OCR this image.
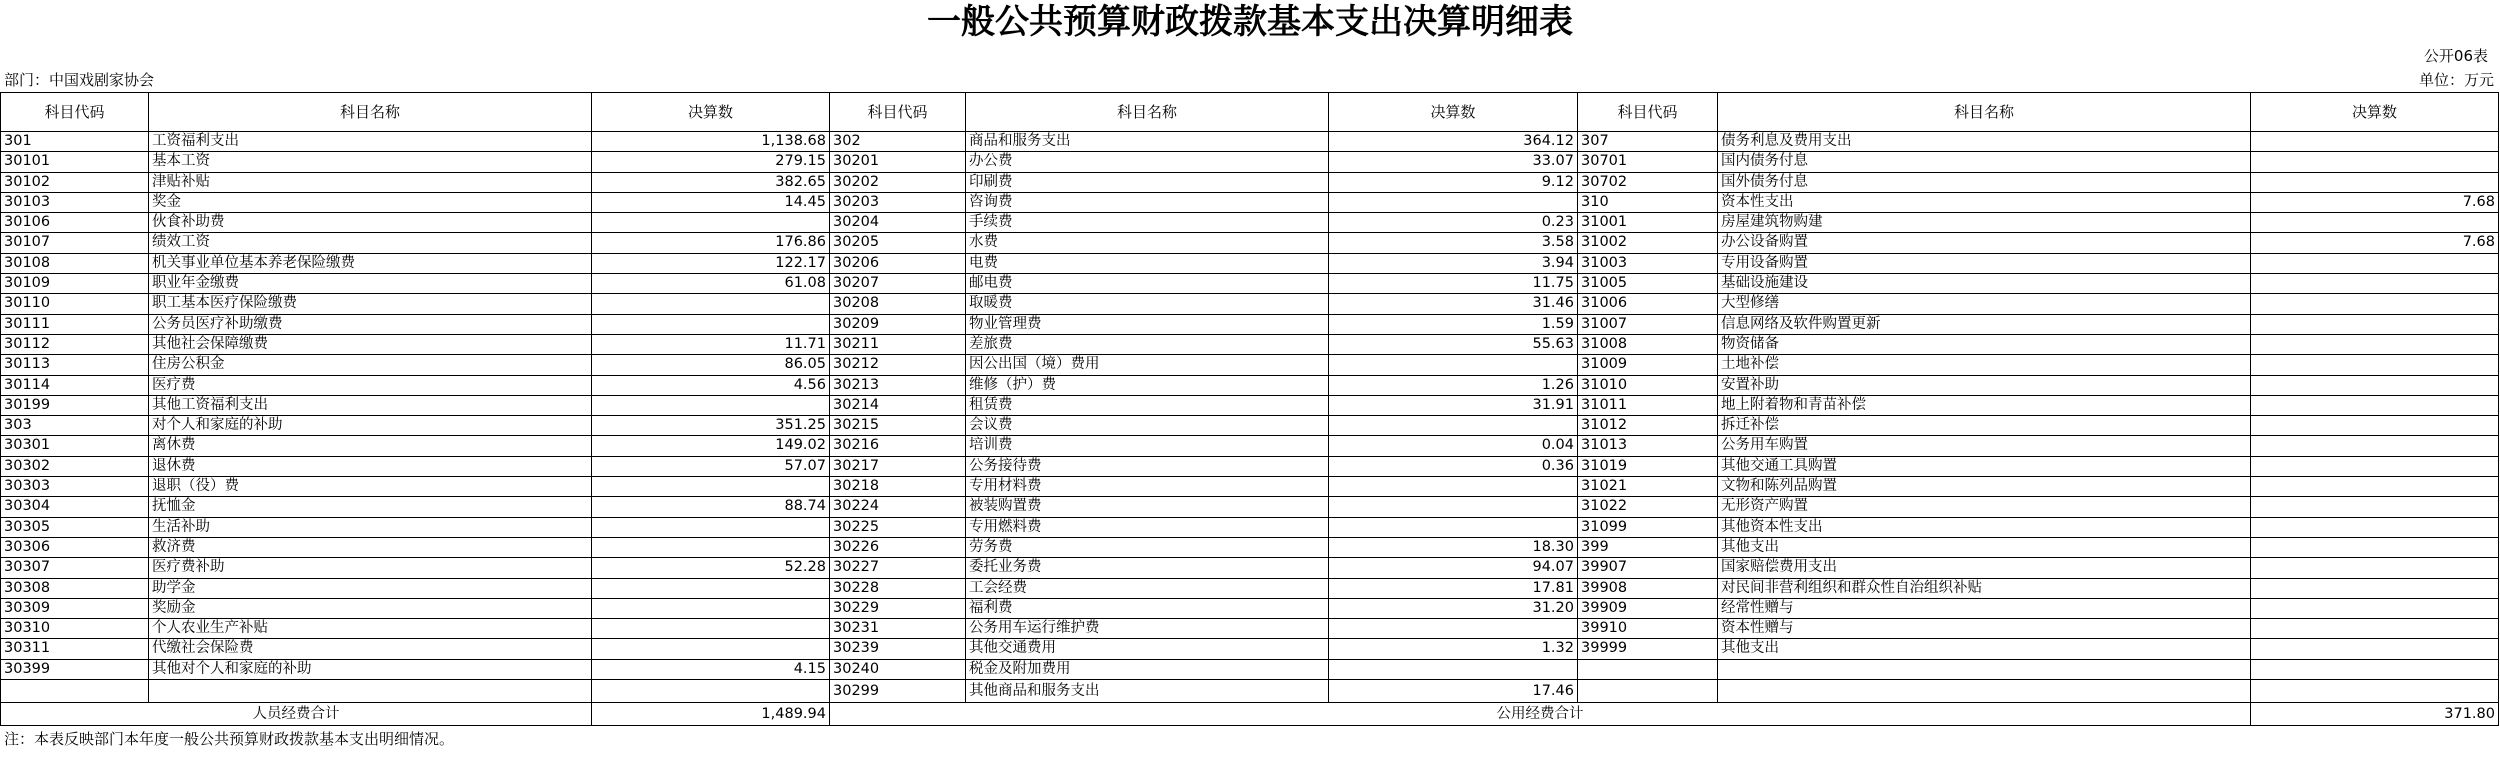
一般公共预算财政拨款基本支出决算明细表
公开06表
部门：中国戏剧家协会	单位：万元
科目代码	科目名称	决算数	科目代码	科目名称	决算数	科目代码	科目名称	决算数
301	工资福利支出	1,138.68	302	商品和服务支出	364.12	307	债务利息及费用支出	
30101	基本工资	279.15	30201	办公费	33.07	30701	国内债务付息	
30102	津贴补贴	382.65	30202	印刷费	9.12	30702	国外债务付息	
30103	奖金	14.45	30203	咨询费		310	资本性支出	7.68
30106	伙食补助费		30204	手续费	0.23	31001	房屋建筑物购建	
30107	绩效工资	176.86	30205	水费	3.58	31002	办公设备购置	7.68
30108	机关事业单位基本养老保险缴费	122.17	30206	电费	3.94	31003	专用设备购置	
30109	职业年金缴费	61.08	30207	邮电费	11.75	31005	基础设施建设	
30110	职工基本医疗保险缴费		30208	取暖费	31.46	31006	大型修缮	
30111	公务员医疗补助缴费		30209	物业管理费	1.59	31007	信息网络及软件购置更新	
30112	其他社会保障缴费	11.71	30211	差旅费	55.63	31008	物资储备	
30113	住房公积金	86.05	30212	因公出国（境）费用		31009	土地补偿	
30114	医疗费	4.56	30213	维修（护）费	1.26	31010	安置补助	
30199	其他工资福利支出		30214	租赁费	31.91	31011	地上附着物和青苗补偿	
303	对个人和家庭的补助	351.25	30215	会议费		31012	拆迁补偿	
30301	离休费	149.02	30216	培训费	0.04	31013	公务用车购置	
30302	退休费	57.07	30217	公务接待费	0.36	31019	其他交通工具购置	
30303	退职（役）费		30218	专用材料费		31021	文物和陈列品购置	
30304	抚恤金	88.74	30224	被装购置费		31022	无形资产购置	
30305	生活补助		30225	专用燃料费		31099	其他资本性支出	
30306	救济费		30226	劳务费	18.30	399	其他支出	
30307	医疗费补助	52.28	30227	委托业务费	94.07	39907	国家赔偿费用支出	
30308	助学金		30228	工会经费	17.81	39908	对民间非营利组织和群众性自治组织补贴	
30309	奖励金		30229	福利费	31.20	39909	经常性赠与	
30310	个人农业生产补贴		30231	公务用车运行维护费		39910	资本性赠与	
30311	代缴社会保险费		30239	其他交通费用	1.32	39999	其他支出	
30399	其他对个人和家庭的补助	4.15	30240	税金及附加费用				
			30299	其他商品和服务支出	17.46			
人员经费合计		1,489.94	公用经费合计					371.80
注：本表反映部门本年度一般公共预算财政拨款基本支出明细情况。
